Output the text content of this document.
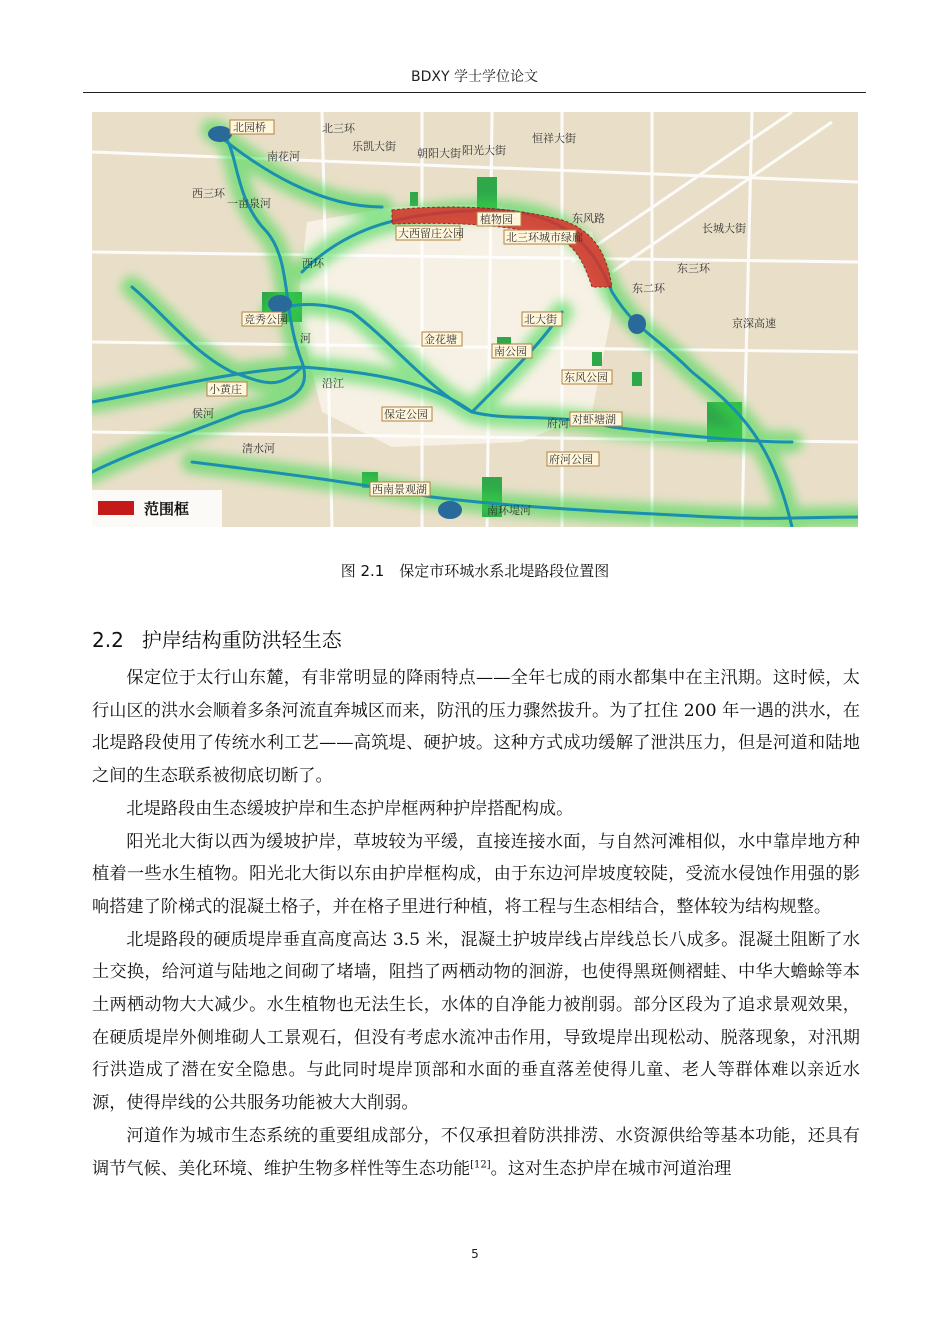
BDXY 学士学位论文
北三环
乐凯大街
朝阳大街 阳光大街
恒祥大街
南花河
一亩泉河
西三环
西环
河
东二环
东三环
京深高速
长城大街
东风路
侯河
清水河
南环堤河
府河
沿江
北园桥
植物园
大西留庄公园	北三环城市绿廊
竞秀公园
西南景观湖
保定公园
东风公园
南公园
府河公园
金花塘
小黄庄
对虾塘湖
北大街
范围框
图 2.1　保定市环城水系北堤路段位置图
2.2 护岸结构重防洪轻生态

保定位于太行山东麓，有非常明显的降雨特点——全年七成的雨水都集中在主汛期。这时候，太行山区的洪水会顺着多条河流直奔城区而来，防汛的压力骤然拔升。为了扛住 200 年一遇的洪水，在北堤路段使用了传统水利工艺——高筑堤、硬护坡。这种方式成功缓解了泄洪压力，但是河道和陆地之间的生态联系被彻底切断了。

北堤路段由生态缓坡护岸和生态护岸框两种护岸搭配构成。

阳光北大街以西为缓坡护岸，草坡较为平缓，直接连接水面，与自然河滩相似，水中靠岸地方种植着一些水生植物。阳光北大街以东由护岸框构成，由于东边河岸坡度较陡，受流水侵蚀作用强的影响搭建了阶梯式的混凝土格子，并在格子里进行种植，将工程与生态相结合，整体较为结构规整。

北堤路段的硬质堤岸垂直高度高达 3.5 米，混凝土护坡岸线占岸线总长八成多。混凝土阻断了水土交换，给河道与陆地之间砌了堵墙，阻挡了两栖动物的洄游，也使得黑斑侧褶蛙、中华大蟾蜍等本土两栖动物大大减少。水生植物也无法生长，水体的自净能力被削弱。部分区段为了追求景观效果，在硬质堤岸外侧堆砌人工景观石，但没有考虑水流冲击作用，导致堤岸出现松动、脱落现象，对汛期行洪造成了潜在安全隐患。与此同时堤岸顶部和水面的垂直落差使得儿童、老人等群体难以亲近水源，使得岸线的公共服务功能被大大削弱。

河道作为城市生态系统的重要组成部分，不仅承担着防洪排涝、水资源供给等基本功能，还具有调节气候、美化环境、维护生物多样性等生态功能[12]。这对生态护岸在城市河道治理

5
